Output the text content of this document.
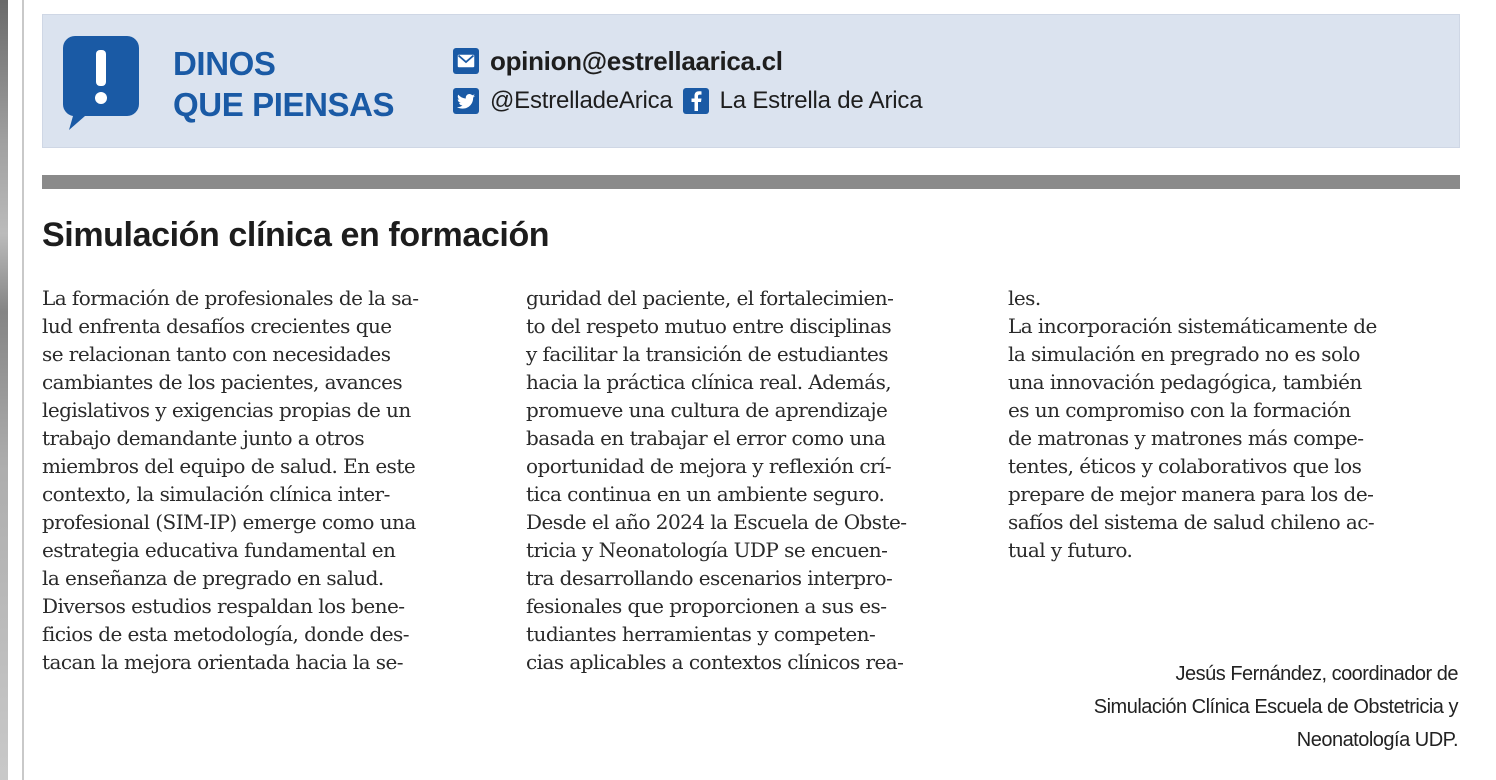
DINOS
QUE PIENSAS
opinion@estrellaarica.cl
@EstrelladeArica La Estrella de Arica
Simulación clínica en formación
La formación de profesionales de la sa-
lud enfrenta desafíos crecientes que
se relacionan tanto con necesidades
cambiantes de los pacientes, avances
legislativos y exigencias propias de un
trabajo demandante junto a otros
miembros del equipo de salud. En este
contexto, la simulación clínica inter-
profesional (SIM-IP) emerge como una
estrategia educativa fundamental en
la enseñanza de pregrado en salud.
Diversos estudios respaldan los bene-
ficios de esta metodología, donde des-
tacan la mejora orientada hacia la se-
guridad del paciente, el fortalecimien-
to del respeto mutuo entre disciplinas
y facilitar la transición de estudiantes
hacia la práctica clínica real. Además,
promueve una cultura de aprendizaje
basada en trabajar el error como una
oportunidad de mejora y reflexión crí-
tica continua en un ambiente seguro.
Desde el año 2024 la Escuela de Obste-
tricia y Neonatología UDP se encuen-
tra desarrollando escenarios interpro-
fesionales que proporcionen a sus es-
tudiantes herramientas y competen-
cias aplicables a contextos clínicos rea-
les.
La incorporación sistemáticamente de
la simulación en pregrado no es solo
una innovación pedagógica, también
es un compromiso con la formación
de matronas y matrones más compe-
tentes, éticos y colaborativos que los
prepare de mejor manera para los de-
safíos del sistema de salud chileno ac-
tual y futuro.
Jesús Fernández, coordinador de
Simulación Clínica Escuela de Obstetricia y
Neonatología UDP.
